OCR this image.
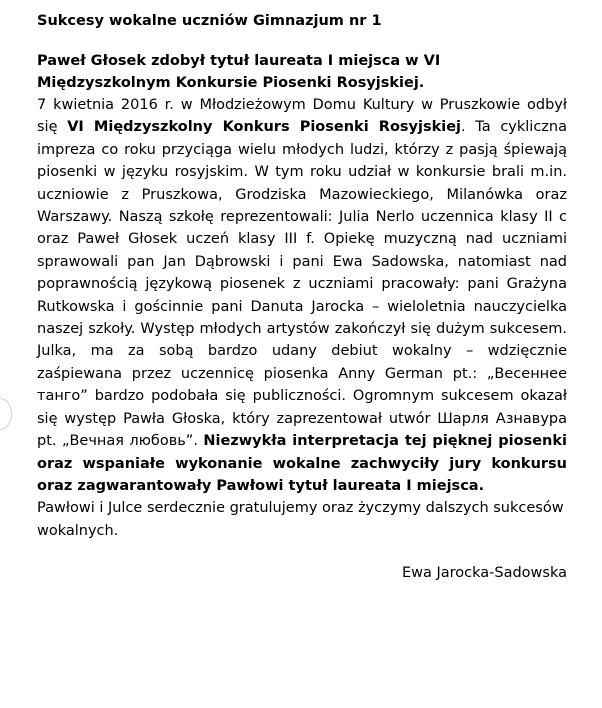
Sukcesy wokalne uczniów Gimnazjum nr 1

Paweł Głosek zdobył tytuł laureata I miejsca w VI Międzyszkolnym Konkursie Piosenki Rosyjskiej.

7 kwietnia 2016 r. w Młodzieżowym Domu Kultury w Pruszkowie odbył się VI Międzyszkolny Konkurs Piosenki Rosyjskiej. Ta cykliczna impreza co roku przyciąga wielu młodych ludzi, którzy z pasją śpiewają piosenki w języku rosyjskim. W tym roku udział w konkursie brali m.in. uczniowie z Pruszkowa, Grodziska Mazowieckiego, Milanówka oraz Warszawy. Naszą szkołę reprezentowali: Julia Nerlo uczennica klasy II c oraz Paweł Głosek uczeń klasy III f. Opiekę muzyczną nad uczniami sprawowali pan Jan Dąbrowski i pani Ewa Sadowska, natomiast nad poprawnością językową piosenek z uczniami pracowały: pani Grażyna Rutkowska i gościnnie pani Danuta Jarocka – wieloletnia nauczycielka naszej szkoły. Występ młodych artystów zakończył się dużym sukcesem. Julka, ma za sobą bardzo udany debiut wokalny – wdzięcznie zaśpiewana przez uczennicę piosenka Anny German pt.: „Весеннее танго” bardzo podobała się publiczności. Ogromnym sukcesem okazał się występ Pawła Głoska, który zaprezentował utwór Шарля Азнавура pt. „Вечная любовь”. Niezwykła interpretacja tej pięknej piosenki oraz wspaniałe wykonanie wokalne zachwyciły jury konkursu oraz zagwarantowały Pawłowi tytuł laureata I miejsca.

Pawłowi i Julce serdecznie gratulujemy oraz życzymy dalszych sukcesów wokalnych.

Ewa Jarocka-Sadowska
